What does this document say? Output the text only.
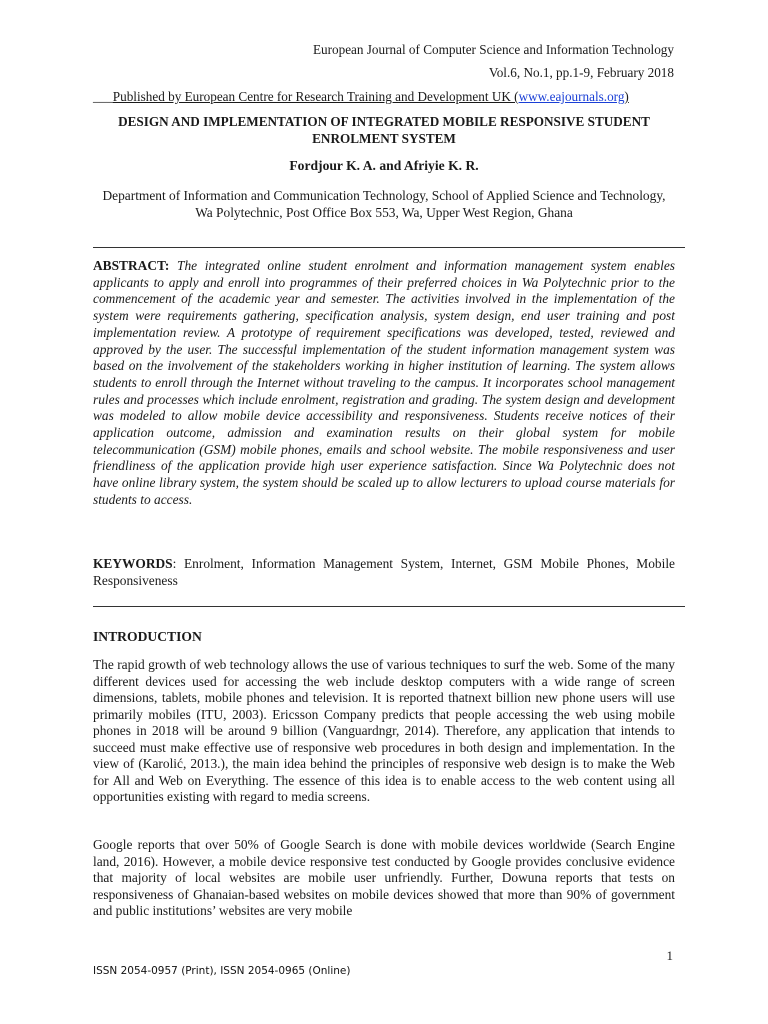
European Journal of Computer Science and Information Technology
Vol.6, No.1, pp.1-9, February 2018
___Published by European Centre for Research Training and Development UK (www.eajournals.org)
DESIGN AND IMPLEMENTATION OF INTEGRATED MOBILE RESPONSIVE STUDENT ENROLMENT SYSTEM
Fordjour K. A. and Afriyie K. R.
Department of Information and Communication Technology, School of Applied Science and Technology, Wa Polytechnic, Post Office Box 553, Wa, Upper West Region, Ghana
ABSTRACT: The integrated online student enrolment and information management system enables applicants to apply and enroll into programmes of their preferred choices in Wa Polytechnic prior to the commencement of the academic year and semester. The activities involved in the implementation of the system were requirements gathering, specification analysis, system design, end user training and post implementation review. A prototype of requirement specifications was developed, tested, reviewed and approved by the user. The successful implementation of the student information management system was based on the involvement of the stakeholders working in higher institution of learning. The system allows students to enroll through the Internet without traveling to the campus. It incorporates school management rules and processes which include enrolment, registration and grading. The system design and development was modeled to allow mobile device accessibility and responsiveness. Students receive notices of their application outcome, admission and examination results on their global system for mobile telecommunication (GSM) mobile phones, emails and school website. The mobile responsiveness and user friendliness of the application provide high user experience satisfaction. Since Wa Polytechnic does not have online library system, the system should be scaled up to allow lecturers to upload course materials for students to access.
KEYWORDS: Enrolment, Information Management System, Internet, GSM Mobile Phones, Mobile Responsiveness
INTRODUCTION
The rapid growth of web technology allows the use of various techniques to surf the web. Some of the many different devices used for accessing the web include desktop computers with a wide range of screen dimensions, tablets, mobile phones and television. It is reported thatnext billion new phone users will use primarily mobiles (ITU, 2003). Ericsson Company predicts that people accessing the web using mobile phones in 2018 will be around 9 billion (Vanguardngr, 2014). Therefore, any application that intends to succeed must make effective use of responsive web procedures in both design and implementation. In the view of (Karolić, 2013.), the main idea behind the principles of responsive web design is to make the Web for All and Web on Everything. The essence of this idea is to enable access to the web content using all opportunities existing with regard to media screens.
Google reports that over 50% of Google Search is done with mobile devices worldwide (Search Engine land, 2016). However, a mobile device responsive test conducted by Google provides conclusive evidence that majority of local websites are mobile user unfriendly. Further, Dowuna reports that tests on responsiveness of Ghanaian-based websites on mobile devices showed that more than 90% of government and public institutions’ websites are very mobile
1
ISSN 2054-0957 (Print), ISSN 2054-0965 (Online)
